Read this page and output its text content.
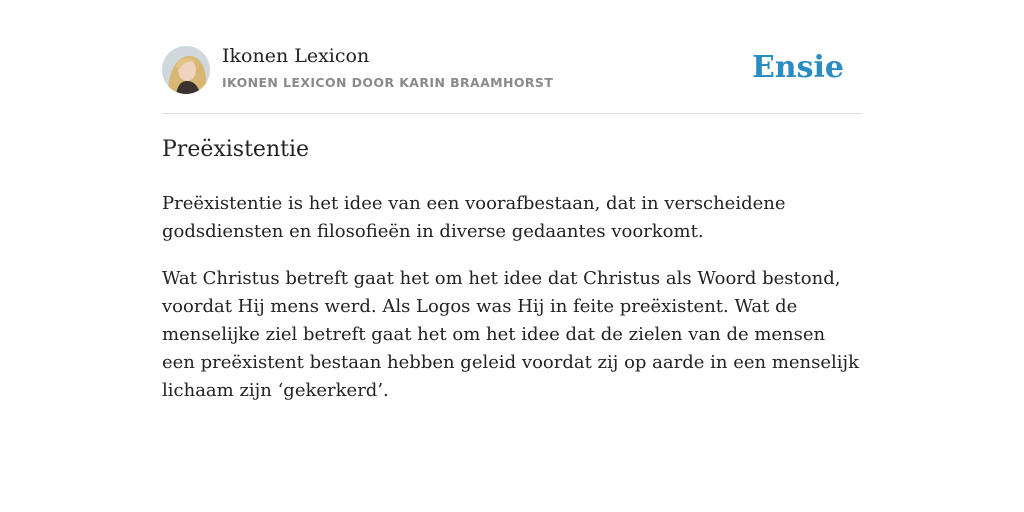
Ikonen Lexicon
IKONEN LEXICON DOOR KARIN BRAAMHORST	Ensie
Preëxistentie

Preëxistentie is het idee van een voorafbestaan, dat in verscheidene godsdiensten en filosofieën in diverse gedaantes voorkomt.

Wat Christus betreft gaat het om het idee dat Christus als Woord bestond, voordat Hij mens werd. Als Logos was Hij in feite preëxistent. Wat de menselijke ziel betreft gaat het om het idee dat de zielen van de mensen een preëxistent bestaan hebben geleid voordat zij op aarde in een menselijk lichaam zijn ‘gekerkerd’.
